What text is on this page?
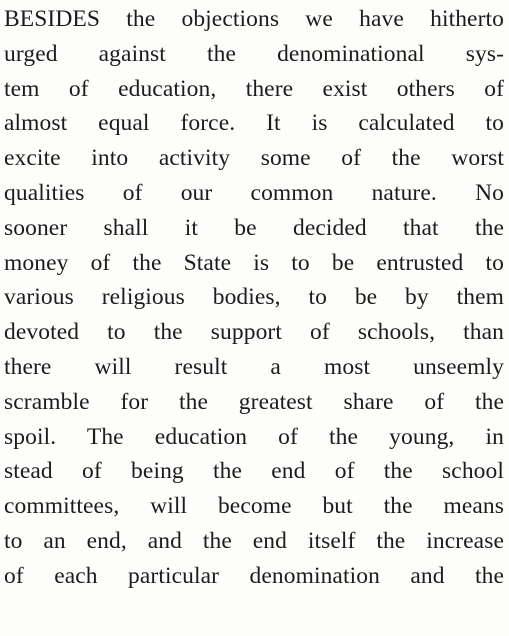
BESIDES the objections we have hitherto
urged against the denominational sys-
tem of education, there exist others of
almost equal force. It is calculated to
excite into activity some of the worst
qualities of our common nature. No
sooner shall it be decided that the
money of the State is to be entrusted to
various religious bodies, to be by them
devoted to the support of schools, than
there will result a most unseemly
scramble for the greatest share of the
spoil. The education of the young, in
stead of being the end of the school
committees, will become but the means
to an end, and the end itself the increase
of each particular denomination and the
